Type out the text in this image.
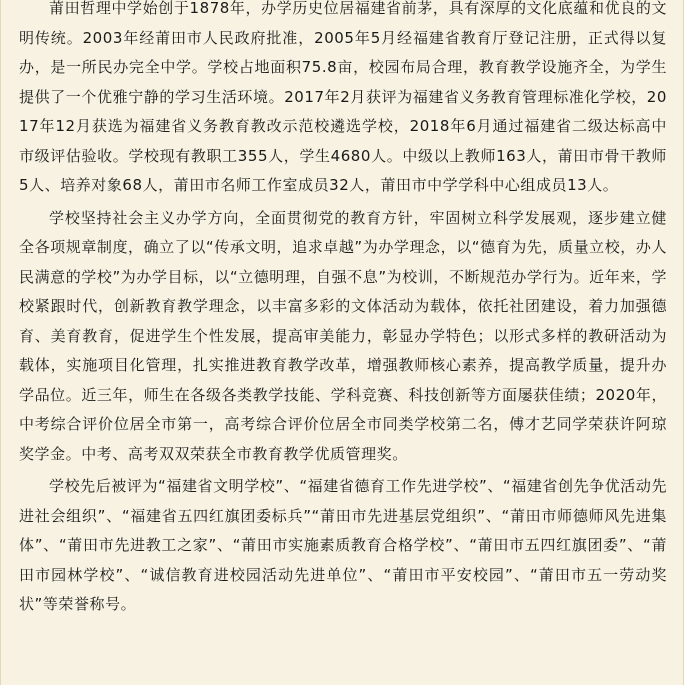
莆田哲理中学始创于1878年，办学历史位居福建省前茅，具有深厚的文化底蕴和优良的文明传统。2003年经莆田市人民政府批准，2005年5月经福建省教育厅登记注册，正式得以复办，是一所民办完全中学。学校占地面积75.8亩，校园布局合理，教育教学设施齐全，为学生提供了一个优雅宁静的学习生活环境。2017年2月获评为福建省义务教育管理标准化学校，2017年12月获选为福建省义务教育教改示范校遴选学校，2018年6月通过福建省二级达标高中市级评估验收。学校现有教职工355人，学生4680人。中级以上教师163人，莆田市骨干教师5人、培养对象68人，莆田市名师工作室成员32人，莆田市中学学科中心组成员13人。

学校坚持社会主义办学方向，全面贯彻党的教育方针，牢固树立科学发展观，逐步建立健全各项规章制度，确立了以“传承文明，追求卓越”为办学理念，以“德育为先，质量立校，办人民满意的学校”为办学目标，以“立德明理，自强不息”为校训，不断规范办学行为。近年来，学校紧跟时代，创新教育教学理念，以丰富多彩的文体活动为载体，依托社团建设，着力加强德育、美育教育，促进学生个性发展，提高审美能力，彰显办学特色；以形式多样的教研活动为载体，实施项目化管理，扎实推进教育教学改革，增强教师核心素养，提高教学质量，提升办学品位。近三年，师生在各级各类教学技能、学科竞赛、科技创新等方面屡获佳绩；2020年，中考综合评价位居全市第一，高考综合评价位居全市同类学校第二名，傅才艺同学荣获许阿琼奖学金。中考、高考双双荣获全市教育教学优质管理奖。

学校先后被评为“福建省文明学校”、“福建省德育工作先进学校”、“福建省创先争优活动先进社会组织”、“福建省五四红旗团委标兵”“莆田市先进基层党组织”、“莆田市师德师风先进集体”、“莆田市先进教工之家”、“莆田市实施素质教育合格学校”、“莆田市五四红旗团委”、“莆田市园林学校”、“诚信教育进校园活动先进单位”、“莆田市平安校园”、“莆田市五一劳动奖状”等荣誉称号。
